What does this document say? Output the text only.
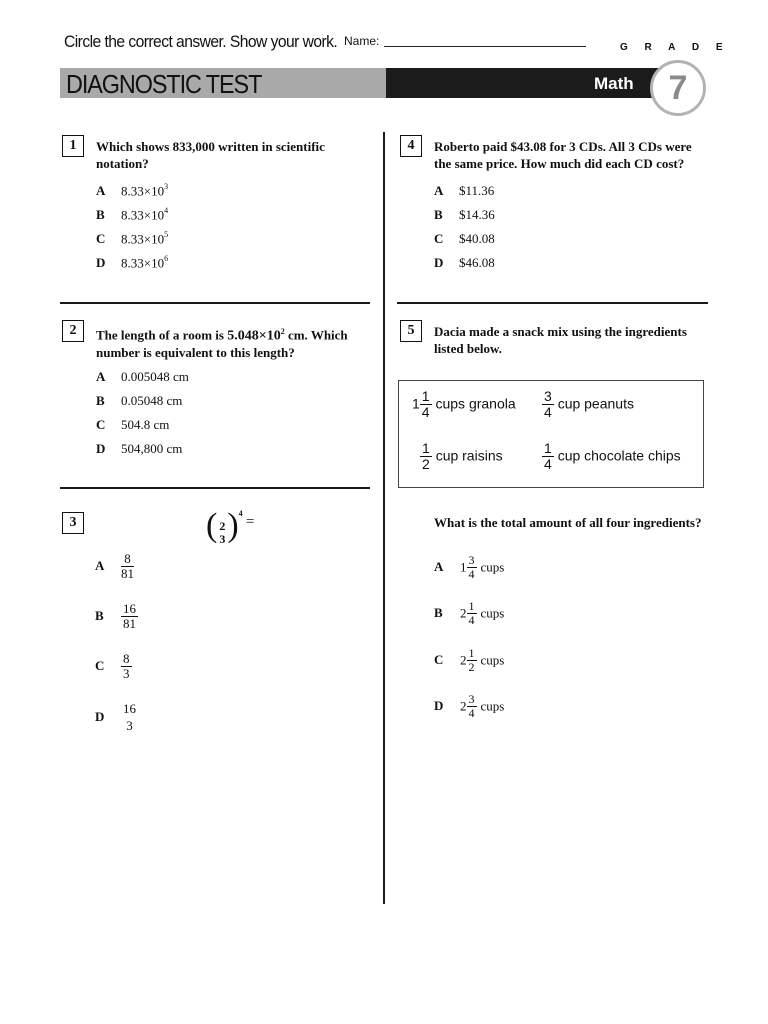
Circle the correct answer. Show your work. Name:	G R A D E
DIAGNOSTIC TEST	Math	7
1	Which shows 833,000 written in scientific notation?
A $8.33\times 10^3$
B $8.33\times 10^4$
C $8.33\times 10^5$
D $8.33\times 10^6$
2	The length of a room is $5.048\times 10^2$ cm. Which number is equivalent to this length?
A 0.005048 cm
B 0.05048 cm
C 504.8 cm
D 504,800 cm
3	( 2
3 )$^4$ =
A $\frac{8}{81}$
B $\frac{16}{81}$
C $\frac{8}{3}$
D
16
3
4	Roberto paid $43.08 for 3 CDs. All 3 CDs were the same price. How much did each CD cost?
A $11.36
B $14.36
C $40.08
D $46.08
5	Dacia made a snack mix using the ingredients listed below.
$1 \frac{1}{4}$ cups granola $\frac{3}{4}$ cup peanuts
$\frac{1}{2}$ cup raisins	$\frac{1}{4}$ cup chocolate chips
What is the total amount of all four ingredients?
A $1 \frac{3}{4}$ cups
B $2 \frac{1}{4}$ cups
C $2 \frac{1}{2}$ cups
D $2 \frac{3}{4}$ cups
